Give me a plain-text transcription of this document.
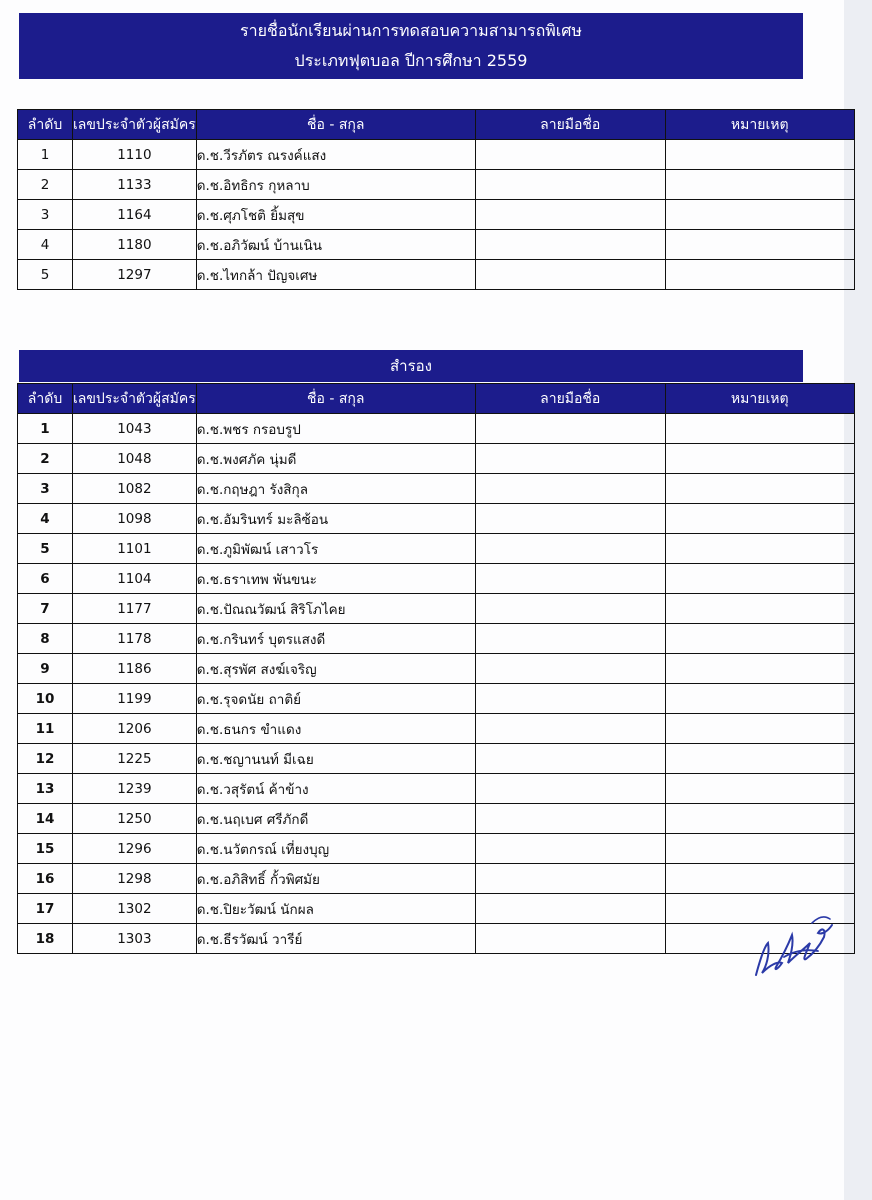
รายชื่อนักเรียนผ่านการทดสอบความสามารถพิเศษ
ประเภทฟุตบอล ปีการศึกษา 2559
ลำดับ	เลขประจำตัวผู้สมัคร	ชื่อ - สกุล	ลายมือชื่อ	หมายเหตุ
1	1110	ด.ช.วีรภัตร ณรงค์แสง		
2	1133	ด.ช.อิทธิกร กุหลาบ		
3	1164	ด.ช.ศุภโชติ ยิ้มสุข		
4	1180	ด.ช.อภิวัฒน์ บ้านเนิน		
5	1297	ด.ช.ไทกล้า ปัญจเศษ		
สำรอง
ลำดับ	เลขประจำตัวผู้สมัคร	ชื่อ - สกุล	ลายมือชื่อ	หมายเหตุ
1	1043	ด.ช.พชร กรอบรูป		
2	1048	ด.ช.พงศภัค นุ่มดี		
3	1082	ด.ช.กฤษฎา รังสิกุล		
4	1098	ด.ช.อัมรินทร์ มะลิซ้อน		
5	1101	ด.ช.ภูมิพัฒน์ เสาวโร		
6	1104	ด.ช.ธราเทพ พันขนะ		
7	1177	ด.ช.ปัณณวัฒน์ สิริโภไคย		
8	1178	ด.ช.กรินทร์ บุตรแสงดี		
9	1186	ด.ช.สุรพัศ สงฆ์เจริญ		
10	1199	ด.ช.รุจดนัย ถาติย์		
11	1206	ด.ช.ธนกร ขำแดง		
12	1225	ด.ช.ชญานนท์ มีเฉย		
13	1239	ด.ช.วสุรัตน์ ค้าข้าง		
14	1250	ด.ช.นฤเบศ ศรีภักดี		
15	1296	ด.ช.นวัตกรณ์ เที่ยงบุญ		
16	1298	ด.ช.อภิสิทธิ์ กั้วพิศมัย		
17	1302	ด.ช.ปิยะวัฒน์ นักผล		
18	1303	ด.ช.ธีรวัฒน์ วารีย์		
